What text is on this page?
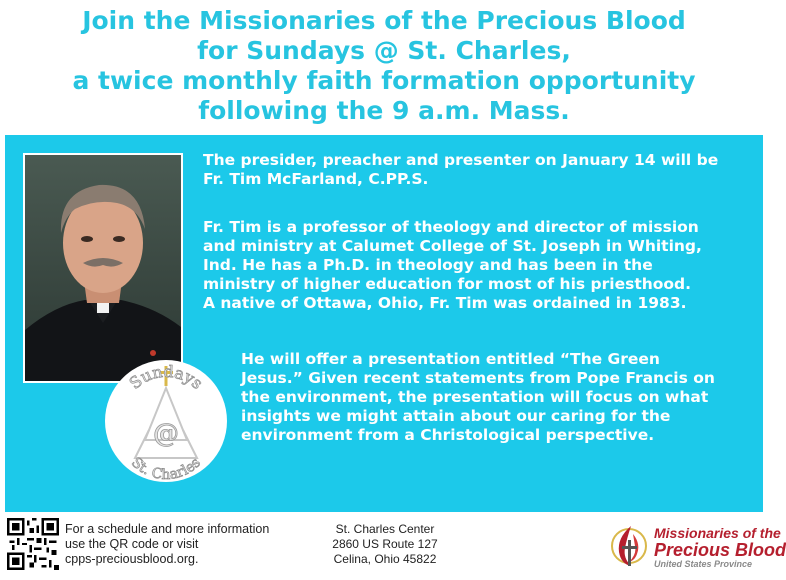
Join the Missionaries of the Precious Blood
for Sundays @ St. Charles,
a twice monthly faith formation opportunity
following the 9 a.m. Mass.
The presider, preacher and presenter on January 14 will be
Fr. Tim McFarland, C.PP.S.
Fr. Tim is a professor of theology and director of mission
and ministry at Calumet College of St. Joseph in Whiting,
Ind. He has a Ph.D. in theology and has been in the
ministry of higher education for most of his priesthood.
A native of Ottawa, Ohio, Fr. Tim was ordained in 1983.
He will offer a presentation entitled “The Green
Jesus.” Given recent statements from Pope Francis on
the environment, the presentation will focus on what
insights we might attain about our caring for the
environment from a Christological perspective.
@
Sundays
St. Charles
For a schedule and more information
use the QR code or visit
cpps-preciousblood.org.
St. Charles Center
2860 US Route 127
Celina, Ohio 45822
Missionaries of the
Precious Blood
United States Province
